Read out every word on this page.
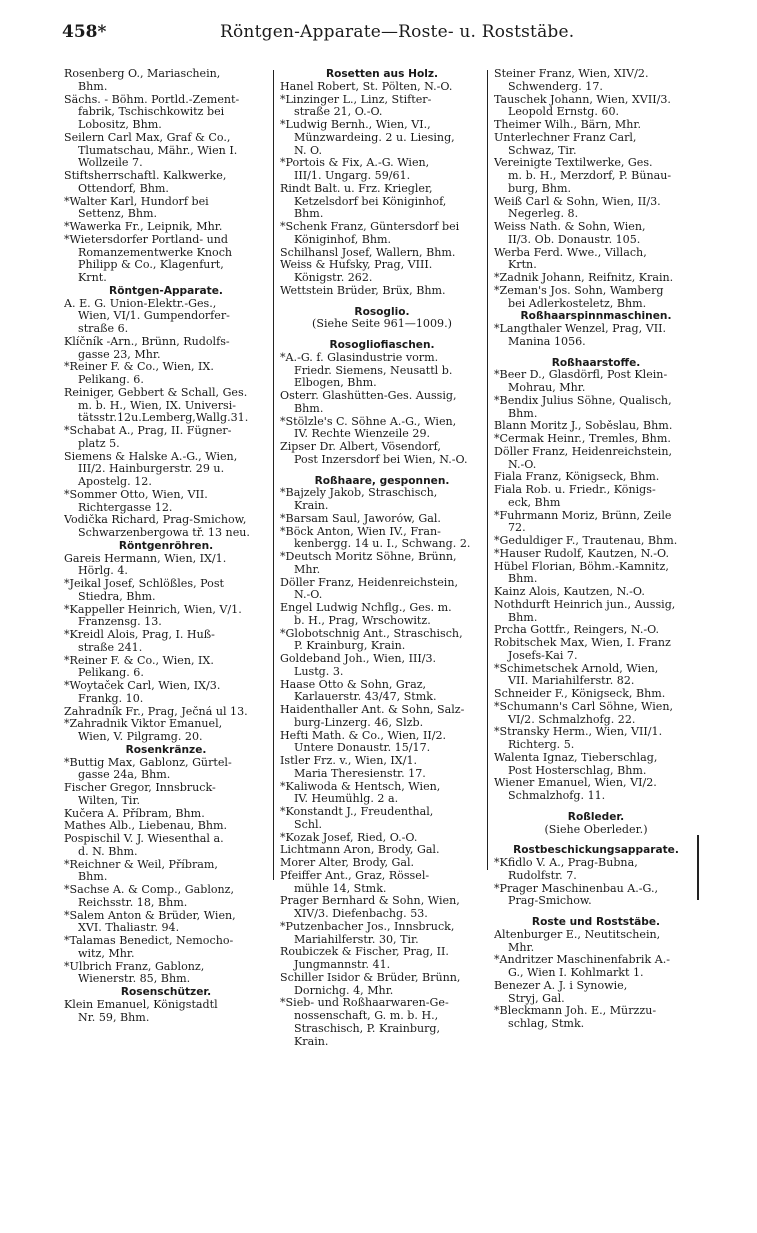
458*	Röntgen-Apparate—Roste- u. Roststäbe.
Rosenberg O., Mariaschein,
Bhm.
Sächs. - Böhm. Portld.-Zement-
fabrik, Tschischkowitz bei
Lobositz, Bhm.
Seilern Carl Max, Graf & Co.,
Tlumatschau, Mähr., Wien I.
Wollzeile 7.
Stiftsherrschaftl. Kalkwerke,
Ottendorf, Bhm.
*Walter Karl, Hundorf bei
Settenz, Bhm.
*Wawerka Fr., Leipnik, Mhr.
*Wietersdorfer Portland- und
Romanzementwerke Knoch
Philipp & Co., Klagenfurt,
Krnt.
Röntgen-Apparate.
A. E. G. Union-Elektr.-Ges.,
Wien, VI/1. Gumpendorfer-
straße 6.
Klíčník -Arn., Brünn, Rudolfs-
gasse 23, Mhr.
*Reiner F. & Co., Wien, IX.
Pelikang. 6.
Reiniger, Gebbert & Schall, Ges.
m. b. H., Wien, IX. Universi-
tätsstr.12u.Lemberg,Wallg.31.
*Schabat A., Prag, II. Fügner-
platz 5.
Siemens & Halske A.-G., Wien,
III/2. Hainburgerstr. 29 u.
Apostelg. 12.
*Sommer Otto, Wien, VII.
Richtergasse 12.
Vodička Richard, Prag-Smichow,
Schwarzenbergowa tř. 13 neu.
Röntgenröhren.
Gareis Hermann, Wien, IX/1.
Hörlg. 4.
*Jeikal Josef, Schlößles, Post
Stiedra, Bhm.
*Kappeller Heinrich, Wien, V/1.
Franzensg. 13.
*Kreidl Alois, Prag, I. Huß-
straße 241.
*Reiner F. & Co., Wien, IX.
Pelikang. 6.
*Woytaček Carl, Wien, IX/3.
Frankg. 10.
Zahradník Fr., Prag, Ječná ul 13.
*Zahradnik Viktor Emanuel,
Wien, V. Pilgramg. 20.
Rosenkränze.
*Buttig Max, Gablonz, Gürtel-
gasse 24a, Bhm.
Fischer Gregor, Innsbruck-
Wilten, Tir.
Kučera A. Příbram, Bhm.
Mathes Alb., Liebenau, Bhm.
Pospischil V. J. Wiesenthal a.
d. N. Bhm.
*Reichner & Weil, Příbram,
Bhm.
*Sachse A. & Comp., Gablonz,
Reichsstr. 18, Bhm.
*Salem Anton & Brüder, Wien,
XVI. Thaliastr. 94.
*Talamas Benedict, Nemocho-
witz, Mhr.
*Ulbrich Franz, Gablonz,
Wienerstr. 85, Bhm.
Rosenschützer.
Klein Emanuel, Königstadtl
Nr. 59, Bhm.
Rosetten aus Holz.
Hanel Robert, St. Pölten, N.-Ö.
*Linzinger L., Linz, Stifter-
straße 21, O.-Ö.
*Ludwig Bernh., Wien, VI.,
Münzwardeing. 2 u. Liesing,
N. Ö.
*Portois & Fix, A.-G. Wien,
III/1. Ungarg. 59/61.
Rindt Balt. u. Frz. Kriegler,
Ketzelsdorf bei Königinhof,
Bhm.
*Schenk Franz, Güntersdorf bei
Königinhof, Bhm.
Schilhansl Josef, Wallern, Bhm.
Weiss & Hufsky, Prag, VIII.
Königstr. 262.
Wettstein Brüder, Brüx, Bhm.
Rosoglio.
(Siehe Seite 961—1009.)
Rosogliofiaschen.
*A.-G. f. Glasindustrie vorm.
Friedr. Siemens, Neusattl b.
Elbogen, Bhm.
Österr. Glashütten-Ges. Aussig,
Bhm.
*Stölzle's C. Söhne A.-G., Wien,
IV. Rechte Wienzeile 29.
Zipser Dr. Albert, Vösendorf,
Post Inzersdorf bei Wien, N.-Ö.
Roßhaare, gesponnen.
*Bajzely Jakob, Straschisch,
Krain.
*Barsam Saul, Jaworów, Gal.
*Böck Anton, Wien IV., Fran-
kenbergg. 14 u. I., Schwang. 2.
*Deutsch Moritz Söhne, Brünn,
Mhr.
Döller Franz, Heidenreichstein,
N.-Ö.
Engel Ludwig Nchflg., Ges. m.
b. H., Prag, Wrschowitz.
*Globotschnig Ant., Straschisch,
P. Krainburg, Krain.
Goldeband Joh., Wien, III/3.
Lustg. 3.
Haase Otto & Sohn, Graz,
Karlauerstr. 43/47, Stmk.
Haidenthaller Ant. & Sohn, Salz-
burg-Linzerg. 46, Slzb.
Hefti Math. & Co., Wien, II/2.
Untere Donaustr. 15/17.
Istler Frz. v., Wien, IX/1.
Maria Theresienstr. 17.
*Kaliwoda & Hentsch, Wien,
IV. Heumühlg. 2 a.
*Konstandt J., Freudenthal,
Schl.
*Kozak Josef, Ried, O.-Ö.
Lichtmann Aron, Brody, Gal.
Morer Alter, Brody, Gal.
Pfeiffer Ant., Graz, Rössel-
mühle 14, Stmk.
Prager Bernhard & Sohn, Wien,
XIV/3. Diefenbachg. 53.
*Putzenbacher Jos., Innsbruck,
Mariahilferstr. 30, Tir.
Roubiczek & Fischer, Prag, II.
Jungmannstr. 41.
Schiller Isidor & Brüder, Brünn,
Dornichg. 4, Mhr.
*Sieb- und Roßhaarwaren-Ge-
nossenschaft, G. m. b. H.,
Straschisch, P. Krainburg,
Krain.
Steiner Franz, Wien, XIV/2.
Schwenderg. 17.
Tauschek Johann, Wien, XVII/3.
Leopold Ernstg. 60.
Theimer Wilh., Bärn, Mhr.
Unterlechner Franz Carl,
Schwaz, Tir.
Vereinigte Textilwerke, Ges.
m. b. H., Merzdorf, P. Bünau-
burg, Bhm.
Weiß Carl & Sohn, Wien, II/3.
Negerleg. 8.
Weiss Nath. & Sohn, Wien,
II/3. Ob. Donaustr. 105.
Werba Ferd. Wwe., Villach,
Krtn.
*Zadnik Johann, Reifnitz, Krain.
*Zeman's Jos. Sohn, Wamberg
bei Adlerkosteletz, Bhm.
Roßhaarspinnmaschinen.
*Langthaler Wenzel, Prag, VII.
Manina 1056.
Roßhaarstoffe.
*Beer D., Glasdörfl, Post Klein-
Mohrau, Mhr.
*Bendix Julius Söhne, Qualisch,
Bhm.
Blann Moritz J., Soběslau, Bhm.
*Čermak Heinr., Tremles, Bhm.
Döller Franz, Heidenreichstein,
N.-Ö.
Fiala Franz, Königseck, Bhm.
Fiala Rob. u. Friedr., Königs-
eck, Bhm
*Fuhrmann Moriz, Brünn, Zeile
72.
*Geduldiger F., Trautenau, Bhm.
*Hauser Rudolf, Kautzen, N.-Ö.
Hübel Florian, Böhm.-Kamnitz,
Bhm.
Kainz Alois, Kautzen, N.-Ö.
Nothdurft Heinrich jun., Aussig,
Bhm.
Prcha Gottfr., Reingers, N.-Ö.
Robitschek Max, Wien, I. Franz
Josefs-Kai 7.
*Schimetschek Arnold, Wien,
VII. Mariahilferstr. 82.
Schneider F., Königseck, Bhm.
*Schumann's Carl Söhne, Wien,
VI/2. Schmalzhofg. 22.
*Stransky Herm., Wien, VII/1.
Richterg. 5.
Walenta Ignaz, Tieberschlag,
Post Hosterschlag, Bhm.
Wiener Emanuel, Wien, VI/2.
Schmalzhofg. 11.
Roßleder.
(Siehe Oberleder.)
Rostbeschickungsapparate.
*Kfidlo V. A., Prag-Bubna,
Rudolfstr. 7.
*Prager Maschinenbau A.-G.,
Prag-Smichow.
Roste und Roststäbe.
Altenburger E., Neutitschein,
Mhr.
*Andritzer Maschinenfabrik A.-
G., Wien I. Kohlmarkt 1.
Benezer A. J. i Synowie,
Stryj, Gal.
*Bleckmann Joh. E., Mürzzu-
schlag, Stmk.
